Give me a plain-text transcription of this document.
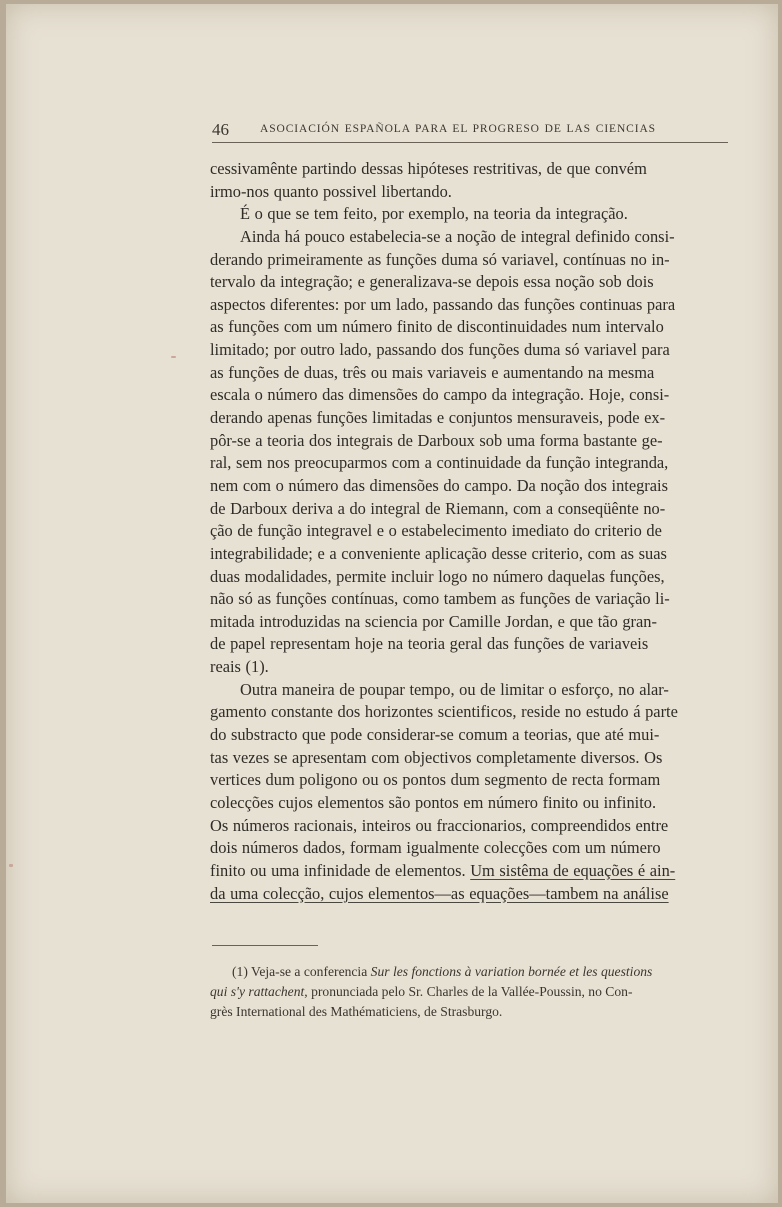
46	ASOCIACIÓN ESPAÑOLA PARA EL PROGRESO DE LAS CIENCIAS
cessivamênte partindo dessas hipóteses restritivas, de que convém
irmo-nos quanto possivel libertando.
É o que se tem feito, por exemplo, na teoria da integração.
Ainda há pouco estabelecia-se a noção de integral definido consi-
derando primeiramente as funções duma só variavel, contínuas no in-
tervalo da integração; e generalizava-se depois essa noção sob dois
aspectos diferentes: por um lado, passando das funções continuas para
as funções com um número finito de discontinuidades num intervalo
limitado; por outro lado, passando dos funções duma só variavel para
as funções de duas, três ou mais variaveis e aumentando na mesma
escala o número das dimensões do campo da integração. Hoje, consi-
derando apenas funções limitadas e conjuntos mensuraveis, pode ex-
pôr-se a teoria dos integrais de Darboux sob uma forma bastante ge-
ral, sem nos preocuparmos com a continuidade da função integranda,
nem com o número das dimensões do campo. Da noção dos integrais
de Darboux deriva a do integral de Riemann, com a conseqüênte no-
ção de função integravel e o estabelecimento imediato do criterio de
integrabilidade; e a conveniente aplicação desse criterio, com as suas
duas modalidades, permite incluir logo no número daquelas funções,
não só as funções contínuas, como tambem as funções de variação li-
mitada introduzidas na sciencia por Camille Jordan, e que tão gran-
de papel representam hoje na teoria geral das funções de variaveis
reais (1).
Outra maneira de poupar tempo, ou de limitar o esforço, no alar-
gamento constante dos horizontes scientificos, reside no estudo á parte
do substracto que pode considerar-se comum a teorias, que até mui-
tas vezes se apresentam com objectivos completamente diversos. Os
vertices dum poligono ou os pontos dum segmento de recta formam
colecções cujos elementos são pontos em número finito ou infinito.
Os números racionais, inteiros ou fraccionarios, compreendidos entre
dois números dados, formam igualmente colecções com um número
finito ou uma infinidade de elementos. Um sistêma de equações é ain-
da uma colecção, cujos elementos—as equações—tambem na análise
(1) Veja-se a conferencia Sur les fonctions à variation bornée et les questions
qui s'y rattachent, pronunciada pelo Sr. Charles de la Vallée-Poussin, no Con-
grès International des Mathématiciens, de Strasburgo.
